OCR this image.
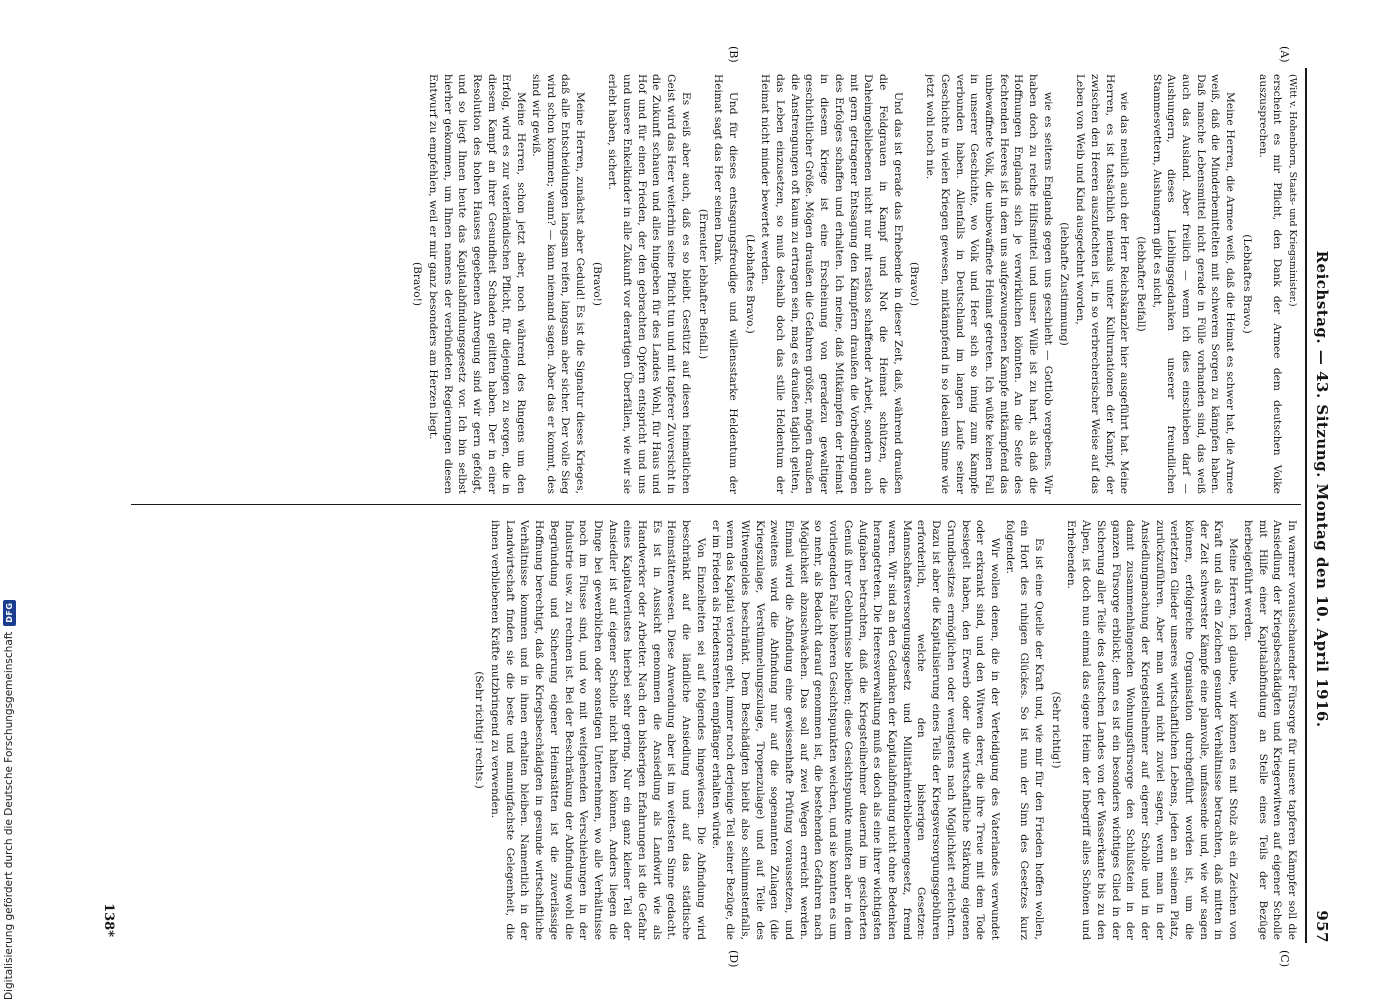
Reichstag. — 43. Sitzung. Montag den 10. April 1916.
957
(A)
(B)
(C)
(D)

(Witt v. Hohenborn, Staats- und Kriegsminister.)

erscheint es mir Pflicht, den Dank der Armee dem deutschen Volke auszusprechen.

(Lebhaftes Bravo.)

Meine Herren, die Armee weiß, daß die Heimat es schwer hat, die Armee weiß, daß die Minderbemittelten mit schweren Sorgen zu kämpfen haben. Daß manche Lebensmittel nicht gerade in Fülle vorhanden sind, das weiß auch das Ausland. Aber freilich — wenn ich dies einschieben darf — Aushungern, dieses Lieblingsgedanken unserer freundlichen Stammesvettern, Aushungern gibt es nicht,

(lebhafter Beifall)

wie das neulich auch der Herr Reichskanzler hier ausgeführt hat. Meine Herren, es ist tatsächlich niemals unter Kulturnationen der Kampf, der zwischen den Heeren auszufechten ist, in so verbrecherischer Weise auf das Leben von Weib und Kind ausgedehnt worden,

(lebhafte Zustimmung)

wie es seitens Englands gegen uns geschieht — Gottlob vergebens. Wir haben doch zu reiche Hilfsmittel und unser Wille ist zu hart, als daß die Hoffnungen Englands sich je verwirklichen könnten. An die Seite des fechtenden Heeres ist in dem uns aufgezwungenen Kampfe mitkämpfend das unbewaffnete Volk, die unbewaffnete Heimat getreten. Ich wüßte keinen Fall in unserer Geschichte, wo Volk und Heer sich so innig zum Kampfe verbunden haben. Allenfalls in Deutschland im langen Laufe seiner Geschichte in vielen Kriegen gewesen, mitkämpfend in so idealem Sinne wie jetzt wohl noch nie.

(Bravo!)

Und das ist gerade das Erhebende in dieser Zeit, daß, während draußen die Feldgrauen in Kampf und Not die Heimat schützen, die Daheimgebliebenen nicht nur mit rastlos schaffender Arbeit, sondern auch mit gern getragener Entsagung den Kämpfern draußen die Vorbedingungen des Erfolges schaffen und erhalten. Ich meine, daß Mitkämpfen der Heimat in diesem Kriege ist eine Erscheinung von geradezu gewaltiger geschichtlicher Größe. Mögen draußen die Gefahren größer, mögen draußen die Anstrengungen oft kaum zu ertragen sein, mag es draußen täglich gelten, das Leben einzusetzen, so muß deshalb doch das stille Heldentum der Heimat nicht minder bewertet werden.

(Lebhaftes Bravo.)

Und für dieses entsagungsfreudige und willensstarke Heldentum der Heimat sagt das Heer seinen Dank.

(Erneuter lebhafter Beifall.)

Es weiß aber auch, daß es so bleibt. Gestützt auf diesen heimatlichen Geist wird das Heer weiterhin seine Pflicht tun und mit tapferer Zuversicht in die Zukunft schauen und alles hingeben für des Landes Wohl, für Haus und Hof und für einen Frieden, der den gebrachten Opfern entspricht und uns und unsere Enkelkinder in alle Zukunft vor derartigen Überfällen, wie wir sie erlebt haben, sichert.

(Bravo!)

Meine Herren, zunächst aber Geduld! Es ist die Signatur dieses Krieges, daß alle Entscheidungen langsam reifen, langsam aber sicher. Der volle Sieg wird schon kommen; wann? — kann niemand sagen. Aber das er kommt, des sind wir gewiß.

Meine Herren, schon jetzt aber, noch während des Ringens um den Erfolg, wird es zur vaterländischen Pflicht, für diejenigen zu sorgen, die in diesem Kampf an ihrer Gesundheit Schaden gelitten haben. Der in einer Resolution des hohen Hauses gegebenen Anregung sind wir gern gefolgt, und so liegt Ihnen heute das Kapitalabfindungsgesetz vor. Ich bin selbst hierher gekommen, um Ihnen namens der verbündeten Regierungen diesen Entwurf zu empfehlen, weil er mir ganz besonders am Herzen liegt.

(Bravo!)

In warmer vorausschauender Fürsorge für unsere tapferen Kämpfer soll die Ansiedlung der Kriegsbeschädigten und Kriegerwitwen auf eigener Scholle mit Hilfe einer Kapitalabfindung an Stelle eines Teils der Bezüge herbeigeführt werden.

Meine Herren, ich glaube, wir können es mit Stolz als ein Zeichen von Kraft und als ein Zeichen gesunder Verhältnisse betrachten, daß mitten in der Zeit schwerster Kämpfe eine planvolle, umfassende und, wie wir sagen können, erfolgreiche Organisation durchgeführt worden ist, um die verletzten Glieder unseres wirtschaftlichen Lebens, jeden an seinem Platz, zurückzuführen. Aber man wird nicht zuviel sagen, wenn man in der Ansiedlungmachung der Kriegsteilnehmer auf eigener Scholle und in der damit zusammenhängenden Wohnungsfürsorge den Schlußstein in der ganzen Fürsorge erblickt; denn es ist ein besonders wichtiges Glied in der Sicherung aller Teile des deutschen Landes von der Wasserkante bis zu den Alpen, ist doch nun einmal das eigene Heim der Inbegriff alles Schönen und Erhebenden.

(Sehr richtig!)

Es ist eine Quelle der Kraft und, wie mir für den Frieden hoffen wollen, ein Hort des ruhigen Glückes. So ist nun der Sinn des Gesetzes kurz folgender.

Wir wollen denen, die in der Verteidigung des Vaterlandes verwundet oder erkrankt sind, und den Witwen derer, die ihre Treue mit dem Tode besiegelt haben, den Erwerb oder die wirtschaftliche Stärkung eigenen Grundbesitzes ermöglichen oder wenigstens nach Möglichkeit erleichtern. Dazu ist aber die Kapitalisierung eines Teils der Kriegsversorgungsgebühren erforderlich, welche den bisherigen Gesetzen: Mannschaftsversorgungsgesetz und Militärhinterbliebenengesetz, fremd waren. Wir sind an den Gedanken der Kapitalabfindung nicht ohne Bedenken herangetreten. Die Heeresverwaltung muß es doch als eine ihrer wichtigsten Aufgaben betrachten, daß die Kriegsteilnehmer dauernd im gesicherten Genuß ihrer Gebührnisse bleiben; diese Gesichtspunkte mußten aber in dem vorliegenden Falle höheren Gesichtspunkten weichen, und sie konnten es um so mehr, als Bedacht darauf genommen ist, die bestehenden Gefahren nach Möglichkeit abzuschwächen. Das soll auf zwei Wegen erreicht werden. Einmal wird die Abfindung eine gewissenhafte Prüfung voraussetzen, und zweitens wird die Abfindung nur auf die sogenannten Zulagen (die Kriegszulage, Verstümmelungszulage, Tropenzulage) und auf Teile des Witwengeldes beschränkt. Dem Beschädigten bleibt also schlimmstenfalls, wenn das Kapital verloren geht, immer noch derjenige Teil seiner Bezüge, die er im Frieden als Friedensrenten empfänger erhalten würde.

Von Einzelheiten sei auf folgendes hingewiesen. Die Abfindung wird beschränkt auf die ländliche Ansiedlung und auf das städtische Heimstättenwesen. Diese Anwendung aber ist im weitesten Sinne gedacht. Es ist in Aussicht genommen die Ansiedlung als Landwirt wie als Handwerker oder Arbeiter. Nach den bisherigen Erfahrungen ist die Gefahr eines Kapitalverlustes hierbei sehr gering. Nur ein ganz kleiner Teil der Ansiedler ist auf eigener Scholle nicht halten können. Anders liegen die Dinge bei gewerblichen oder sonstigen Unternehmen, wo alle Verhältnisse noch im Flusse sind, und wo mit weitgehenden Verschiebungen in der Industrie usw. zu rechnen ist. Bei der Beschränkung der Abfindung wohl die Begründung und Sicherung eigener Heimstätten ist die zuverlässige Hoffnung berechtigt, daß die Kriegsbeschädigten in gesunde wirtschaftliche Verhältnisse kommen und in ihnen erhalten bleiben. Namentlich in der Landwirtschaft finden sie die beste und mannigfachste Gelegenheit, die ihnen verbliebenen Kräfte nutzbringend zu verwenden.

(Sehr richtig! rechts.)

138*
Digitalisierung gefördert durch die Deutsche Forschungsgemeinschaft
DFG
